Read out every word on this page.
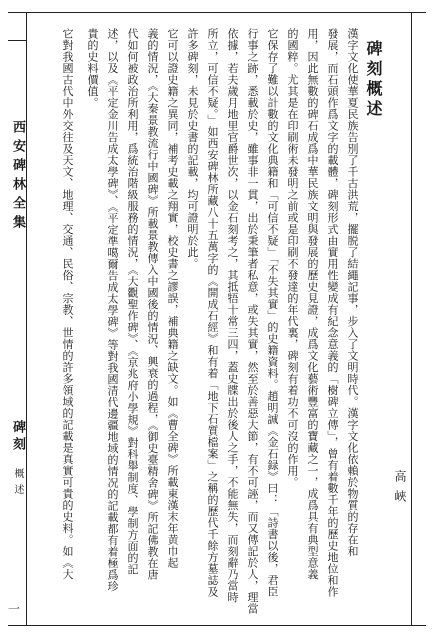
西安碑林全集
碑刻
概述
一
碑刻概述
高峽
漢字文化使華夏民族告別了千古洪荒，擺脱了結繩記事，步入了文明時代。漢字文化依賴於物質的存在和
發展，而石頭作爲文字的載體，碑刻形式由實用性變成有紀念意義的「樹碑立傳」，曾有着數千年的歷史地位和作
用，因此無數的碑石成爲中華民族文明與發展的歷史見證，成爲文化藝術豐富的寶藏之一，成爲具有典型意義
的國粹。尤其是在印刷術未發明之前或是印刷不發達的年代裏，碑刻有着功不可沒的作用。
它保存了難以計數的文化典籍和「可信不疑」「不失其實」的史籍資料。趙明誠《金石録》曰：「詩書以後，君臣
行事之跡，悉載於史，雖事非一貫，出於秉筆者私意，或失其實，然至於善惡大節，有不可誣，而又傳記於人，理當
依據，若夫歲月地里官爵世次，以金石刻考之，其抵牾十常三四，蓋史牒出於後人之手，不能無失，而刻辭乃當時
所立，可信不疑。」如西安碑林所藏八十五萬字的《開成石經》和有着「地下石質檔案」之稱的歷代千餘方墓誌及
許多碑刻，未見於史書的記載，均可證明於此。
它可以證史籍之異同，補考史載之翔實，校史書之謬誤，補典籍之缺文。如《曹全碑》所載東漢末年黄巾起
義的情況，《大秦景教流行中國碑》所載景教傳入中國後的情況、興衰的過程，《御史臺精舍碑》所記佛教在唐
代如何被政治所利用，爲統治階級服務的情況，《大觀聖作碑》、《京兆府小學規》對科舉制度、學制方面的記
述，以及《平定金川告成太學碑》、《平定準噶爾告成太學碑》等對我國清代邊疆地域的情况的記載都有着極爲珍
貴的史料價值。
它對我國古代中外交往及天文、地理、交通、民俗、宗教、世情的許多領域的記載是真實可貴的史料。如《大
